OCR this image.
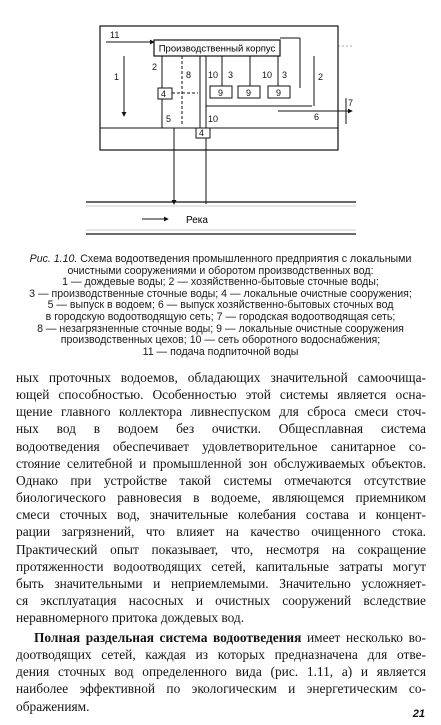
Производственный корпус
Река
11
2
1	8 10 3	10 3	2
4	9	9	9
6
7
5	10
4
Рис. 1.10. Схема водоотведения промышленного предприятия с локальными
очистными сооружениями и оборотом производственных вод:
1 — дождевые воды; 2 — хозяйственно-бытовые сточные воды;
3 — производственные сточные воды; 4 — локальные очистные сооружения;
5 — выпуск в водоем; 6 — выпуск хозяйственно-бытовых сточных вод
в городскую водоотводящую сеть; 7 — городская водоотводящая сеть;
8 — незагрязненные сточные воды; 9 — локальные очистные сооружения
производственных цехов; 10 — сеть оборотного водоснабжения;
11 — подача подпиточной воды
ных проточных водоемов, обладающих значительной самоочища-
ющей способностью. Особенностью этой системы является осна-
щение главного коллектора ливнеспуском для сброса смеси сточ-
ных вод в водоем без очистки. Общесплавная система
водоотведения обеспечивает удовлетворительное санитарное со-
стояние селитебной и промышленной зон обслуживаемых объектов.
Однако при устройстве такой системы отмечаются отсутствие
биологического равновесия в водоеме, являющемся приемником
смеси сточных вод, значительные колебания состава и концент-
рации загрязнений, что влияет на качество очищенного стока.
Практический опыт показывает, что, несмотря на сокращение
протяженности водоотводящих сетей, капитальные затраты могут
быть значительными и неприемлемыми. Значительно усложняет-
ся эксплуатация насосных и очистных сооружений вследствие
неравномерного притока дождевых вод.
Полная раздельная система водоотведения имеет несколько во-
доотводящих сетей, каждая из которых предназначена для отве-
дения сточных вод определенного вида (рис. 1.11, а) и является
наиболее эффективной по экологическим и энергетическим со-
ображениям.
21
